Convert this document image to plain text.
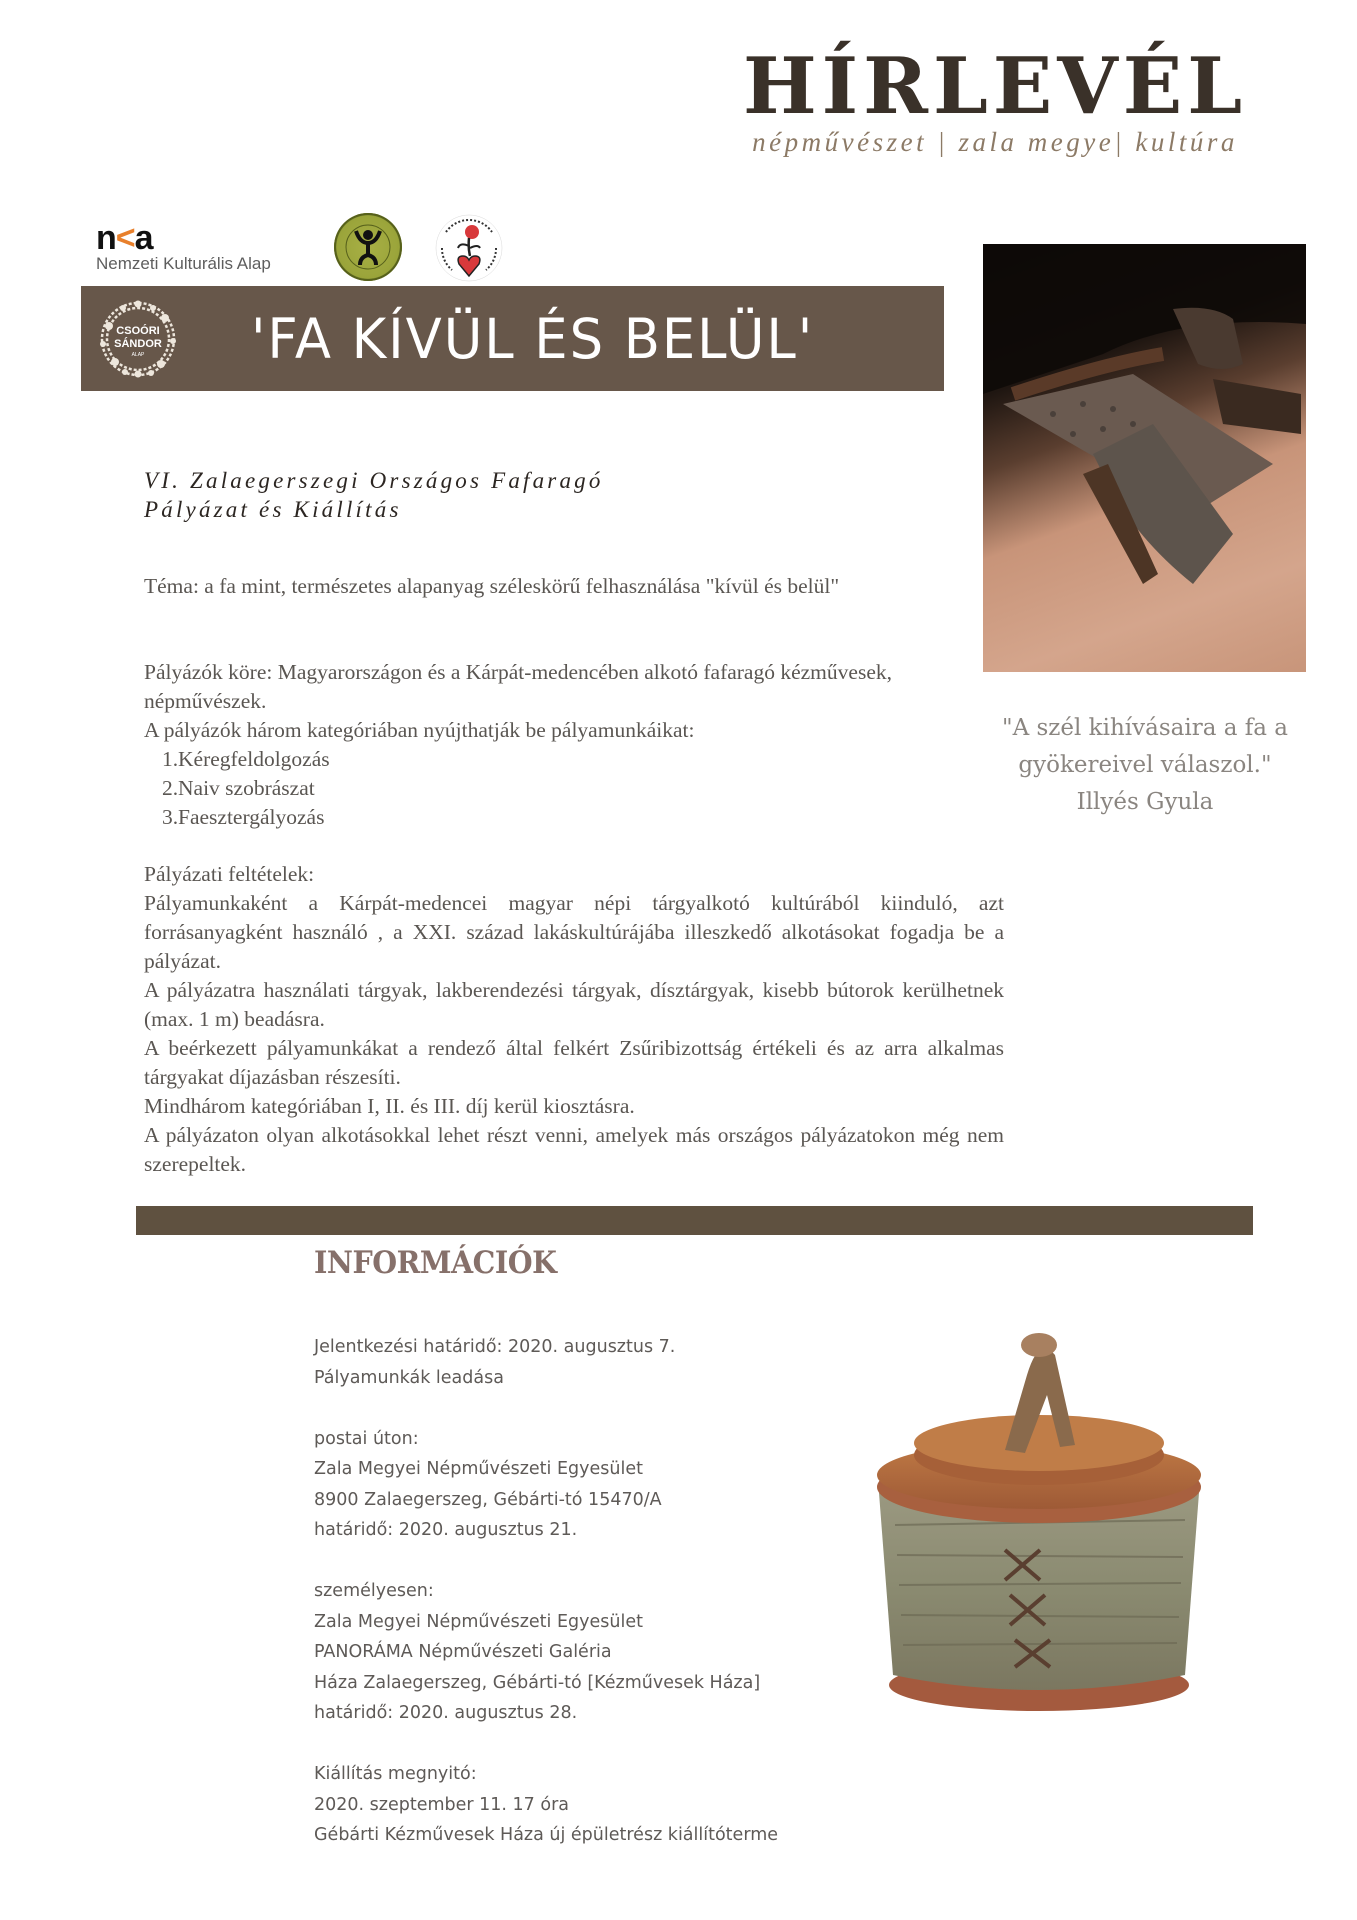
HÍRLEVÉL
népművészet | zala megye| kultúra
n<a
Nemzeti Kulturális Alap
CSOÓRI
SÁNDOR
ALAP 'FA KÍVÜL ÉS BELÜL'
VI. Zalaegerszegi Országos Fafaragó
Pályázat és Kiállítás
Téma: a fa mint, természetes alapanyag széleskörű felhasználása "kívül és belül"
Pályázók köre: Magyarországon és a Kárpát-medencében alkotó fafaragó kézművesek, népművészek.
A pályázók három kategóriában nyújthatják be pályamunkáikat:
1.Kéregfeldolgozás
2.Naiv szobrászat
3.Faesztergályozás
Pályázati feltételek:
Pályamunkaként a Kárpát-medencei magyar népi tárgyalkotó kultúrából kiinduló, azt forrásanyagként használó , a XXI. század lakáskultúrájába illeszkedő alkotásokat fogadja be a pályázat.
A pályázatra használati tárgyak, lakberendezési tárgyak, dísztárgyak, kisebb bútorok kerülhetnek (max. 1 m) beadásra.
A beérkezett pályamunkákat a rendező által felkért Zsűribizottság értékeli és az arra alkalmas tárgyakat díjazásban részesíti.
Mindhárom kategóriában I, II. és III. díj kerül kiosztásra.
A pályázaton olyan alkotásokkal lehet részt venni, amelyek más országos pályázatokon még nem szerepeltek.
"A szél kihívásaira a fa a
gyökereivel válaszol."
Illyés Gyula
INFORMÁCIÓK
Jelentkezési határidő: 2020. augusztus 7.
Pályamunkák leadása

postai úton:
Zala Megyei Népművészeti Egyesület
8900 Zalaegerszeg, Gébárti-tó 15470/A
határidő: 2020. augusztus 21.

személyesen:
Zala Megyei Népművészeti Egyesület
PANORÁMA Népművészeti Galéria
Háza Zalaegerszeg, Gébárti-tó [Kézművesek Háza]
határidő: 2020. augusztus 28.

Kiállítás megnyitó:
2020. szeptember 11. 17 óra
Gébárti Kézművesek Háza új épületrész kiállítóterme
